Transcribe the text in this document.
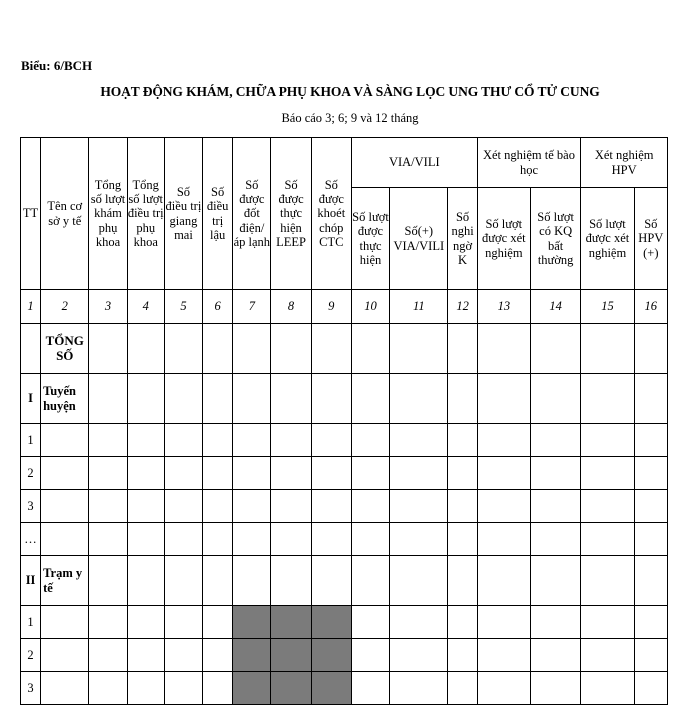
Biểu: 6/BCH
HOẠT ĐỘNG KHÁM, CHỮA PHỤ KHOA VÀ SÀNG LỌC UNG THƯ CỔ TỬ CUNG
Báo cáo 3; 6; 9 và 12 tháng
TT	Tên cơ sở y tế	Tổng số lượt khám phụ khoa	Tổng số lượt điều trị phụ khoa	Số điều trị giang mai	Số điều trị lậu	Số được đốt điện/ áp lạnh	Số được thực hiện LEEP	Số được khoét chóp CTC	VIA/VILI			Xét nghiệm tế bào học		Xét nghiệm HPV	
									Số lượt được thực hiện	Số(+) VIA/VILI	Số nghi ngờ K	Số lượt được xét nghiệm	Số lượt có KQ bất thường	Số lượt được xét nghiệm	Số HPV (+)
1	2	3	4	5	6	7	8	9	10	11	12	13	14	15	16
	TỔNG SỐ														
I	Tuyến huyện														
1															
2															
3															
…															
II	Trạm y tế														
1															
2															
3															
